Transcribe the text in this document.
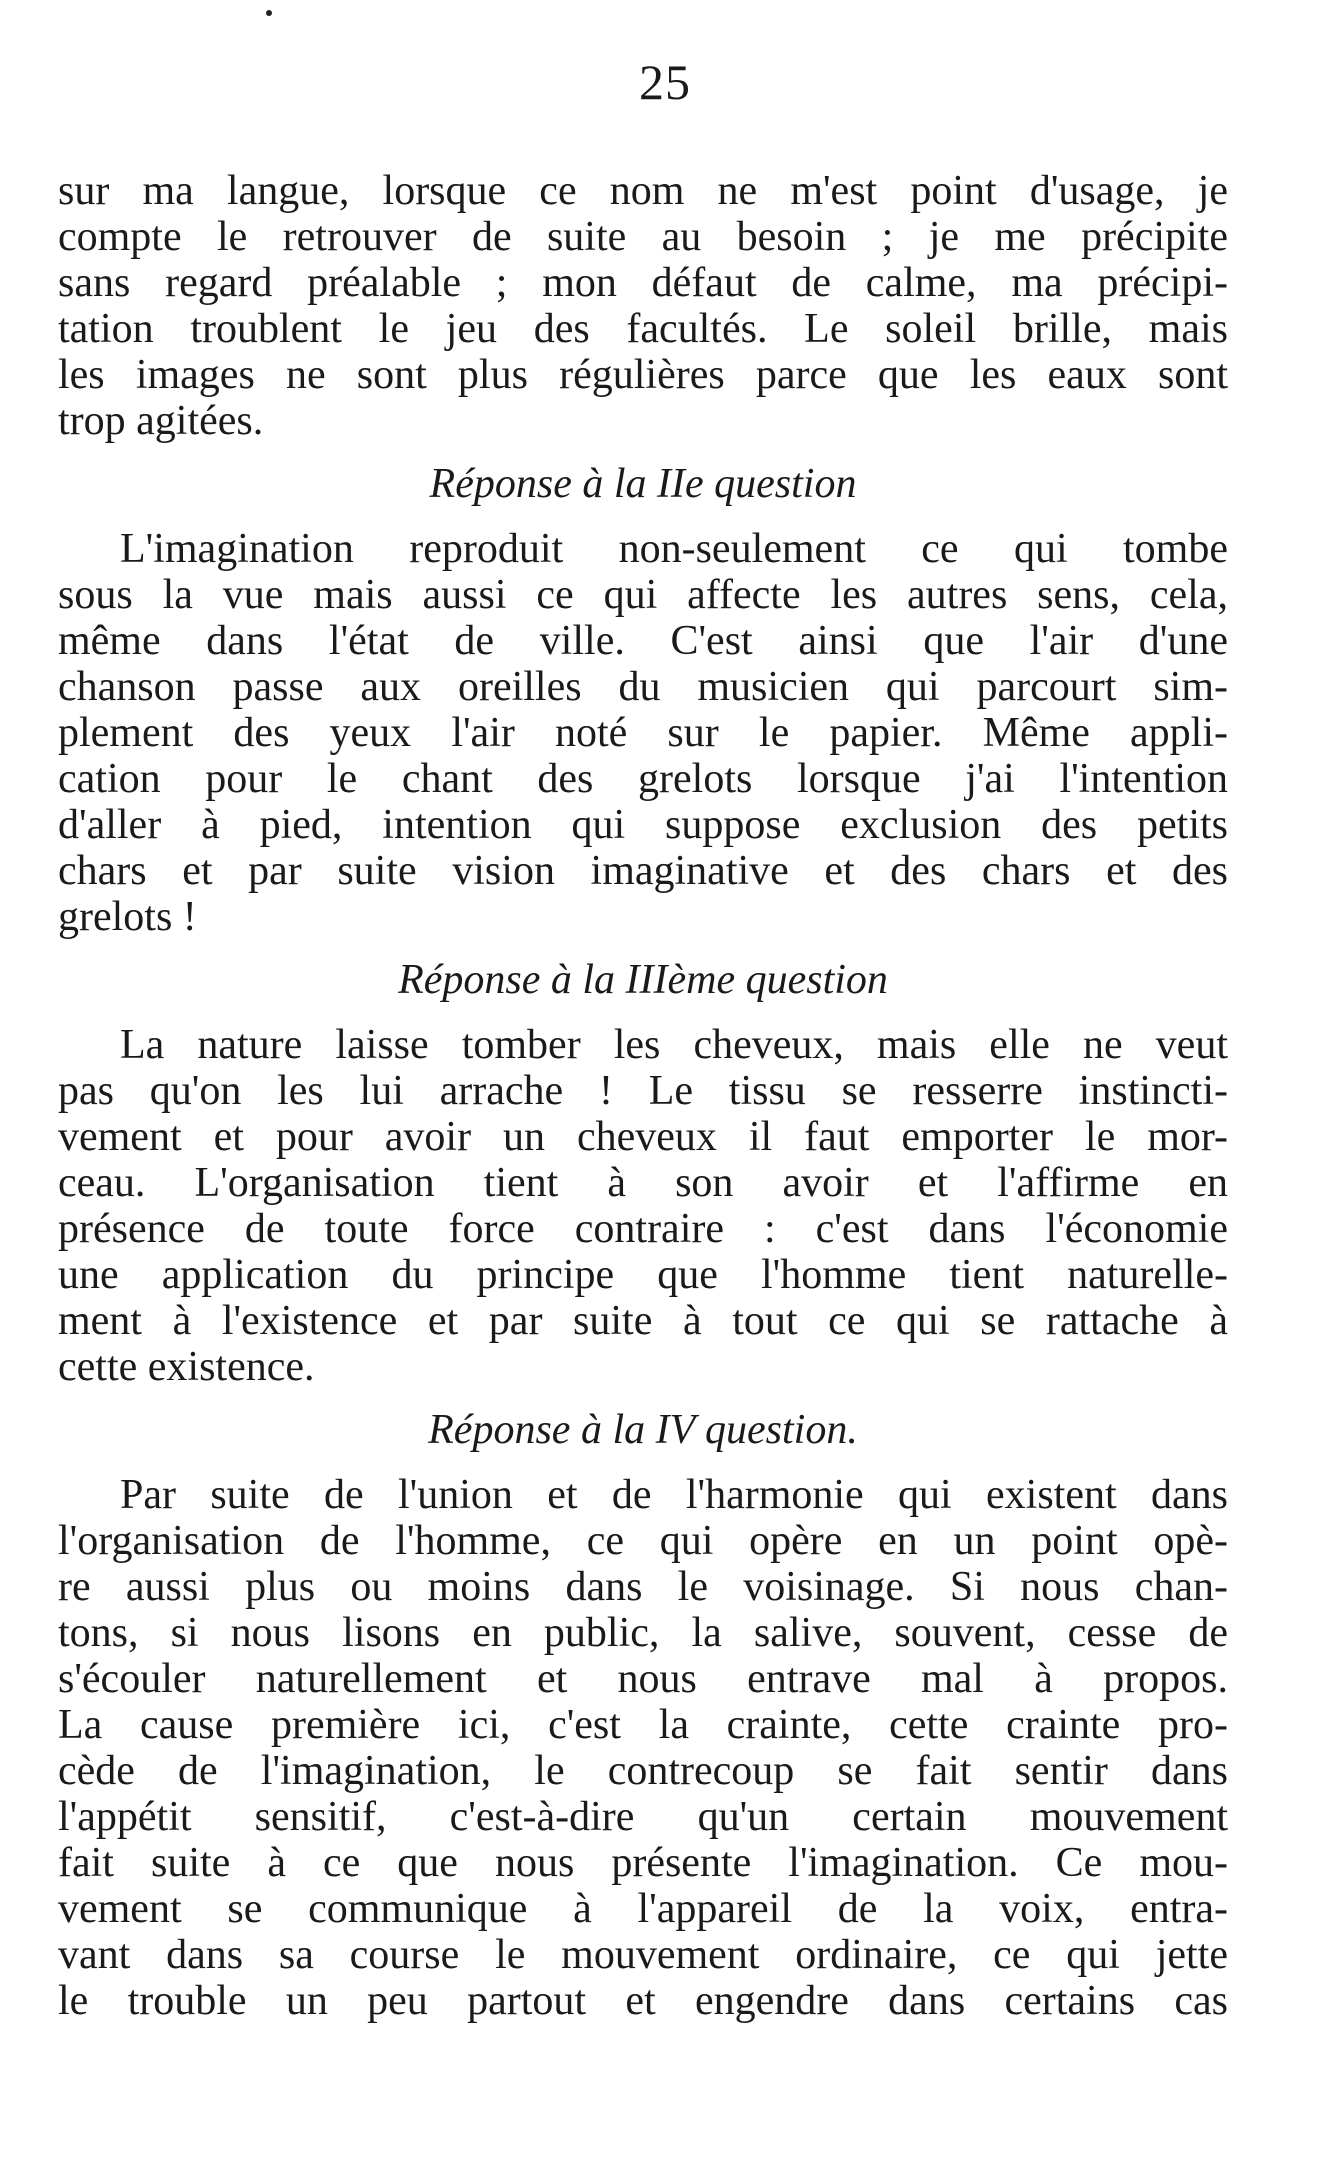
25
sur ma langue, lorsque ce nom ne m'est point d'usage, je
compte le retrouver de suite au besoin ; je me précipite
sans regard préalable ; mon défaut de calme, ma précipi-
tation troublent le jeu des facultés. Le soleil brille, mais
les images ne sont plus régulières parce que les eaux sont
trop agitées.
Réponse à la IIe question
L'imagination reproduit non-seulement ce qui tombe
sous la vue mais aussi ce qui affecte les autres sens, cela,
même dans l'état de ville. C'est ainsi que l'air d'une
chanson passe aux oreilles du musicien qui parcourt sim-
plement des yeux l'air noté sur le papier. Même appli-
cation pour le chant des grelots lorsque j'ai l'intention
d'aller à pied, intention qui suppose exclusion des petits
chars et par suite vision imaginative et des chars et des
grelots !
Réponse à la IIIème question
La nature laisse tomber les cheveux, mais elle ne veut
pas qu'on les lui arrache ! Le tissu se resserre instincti-
vement et pour avoir un cheveux il faut emporter le mor-
ceau. L'organisation tient à son avoir et l'affirme en
présence de toute force contraire : c'est dans l'économie
une application du principe que l'homme tient naturelle-
ment à l'existence et par suite à tout ce qui se rattache à
cette existence.
Réponse à la IV question.
Par suite de l'union et de l'harmonie qui existent dans
l'organisation de l'homme, ce qui opère en un point opè-
re aussi plus ou moins dans le voisinage. Si nous chan-
tons, si nous lisons en public, la salive, souvent, cesse de
s'écouler naturellement et nous entrave mal à propos.
La cause première ici, c'est la crainte, cette crainte pro-
cède de l'imagination, le contrecoup se fait sentir dans
l'appétit sensitif, c'est-à-dire qu'un certain mouvement
fait suite à ce que nous présente l'imagination. Ce mou-
vement se communique à l'appareil de la voix, entra-
vant dans sa course le mouvement ordinaire, ce qui jette
le trouble un peu partout et engendre dans certains cas
